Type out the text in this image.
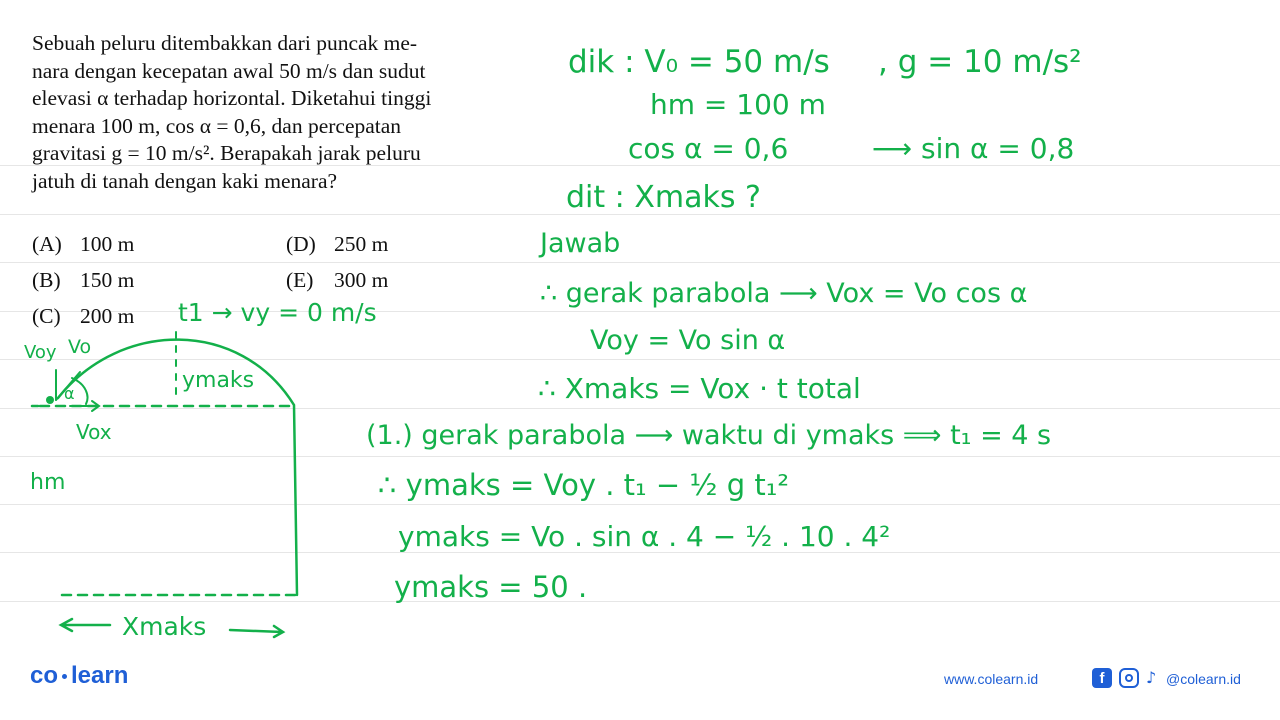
Sebuah peluru ditembakkan dari puncak me-

nara dengan kecepatan awal 50 m/s dan sudut

elevasi α terhadap horizontal. Diketahui tinggi

menara 100 m, cos α = 0,6, dan percepatan

gravitasi g = 10 m/s². Berapakah jarak peluru

jatuh di tanah dengan kaki menara?

(A) 100 m
(B) 150 m
(C) 200 m
(D) 250 m
(E) 300 m
t1 → vy = 0 m/s
Voy Vo
α
ymaks
Vox
hm
Xmaks
dik : V₀ = 50 m/s , g = 10 m/s²
hm = 100 m
cos α = 0,6	⟶ sin α = 0,8
dit : Xmaks ?
Jawab
∴ gerak parabola ⟶ Vox = Vo cos α
Voy = Vo sin α
∴ Xmaks = Vox · t total
(1.) gerak parabola ⟶ waktu di ymaks ⟹ t₁ = 4 s
∴ ymaks = Voy . t₁ − ½ g t₁²
ymaks = Vo . sin α . 4 − ½ . 10 . 4²
ymaks = 50 .
co learn	www.colearn.id	f	♪ @colearn.id
